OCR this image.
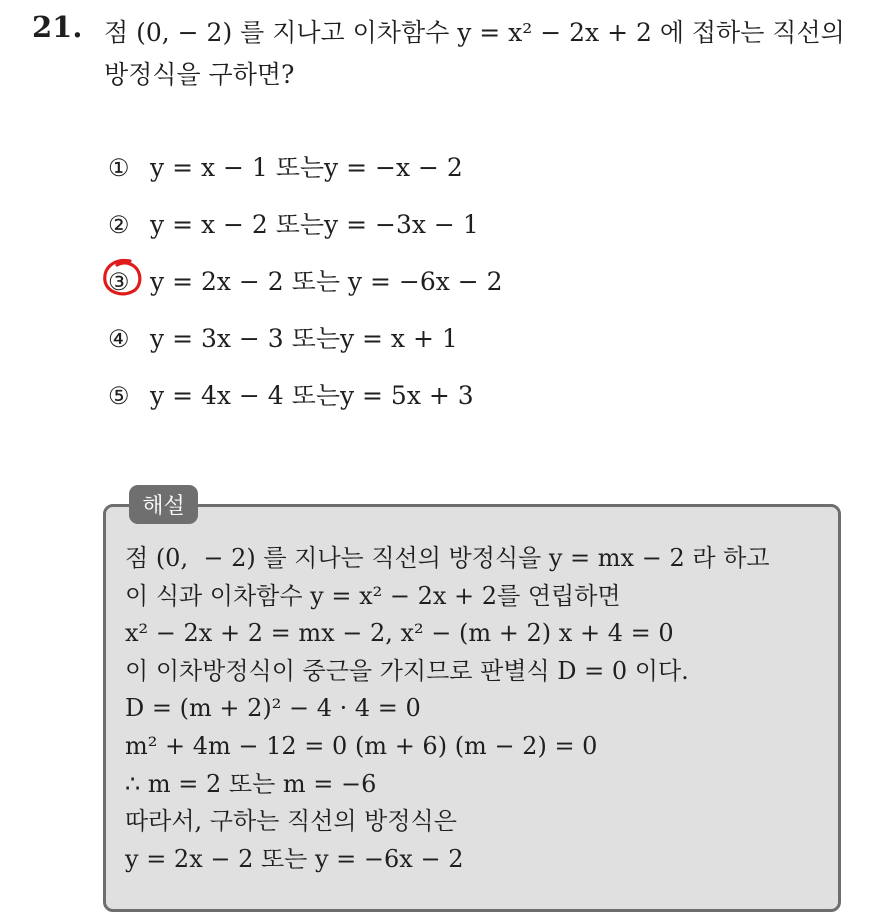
21. 점 (0, − 2) 를 지나고 이차함수 y = x² − 2x + 2 에 접하는 직선의 방정식을 구하면?
① y = x − 1 또는y = −x − 2
② y = x − 2 또는y = −3x − 1
③ y = 2x − 2 또는 y = −6x − 2
④ y = 3x − 3 또는y = x + 1
⑤ y = 4x − 4 또는y = 5x + 3
해설
점 (0,  − 2) 를 지나는 직선의 방정식을 y = mx − 2 라 하고
이 식과 이차함수 y = x² − 2x + 2를 연립하면
x² − 2x + 2 = mx − 2, x² − (m + 2) x + 4 = 0
이 이차방정식이 중근을 가지므로 판별식 D = 0 이다.
D = (m + 2)² − 4 · 4 = 0
m² + 4m − 12 = 0 (m + 6) (m − 2) = 0
∴ m = 2 또는 m = −6
따라서, 구하는 직선의 방정식은
y = 2x − 2 또는 y = −6x − 2
